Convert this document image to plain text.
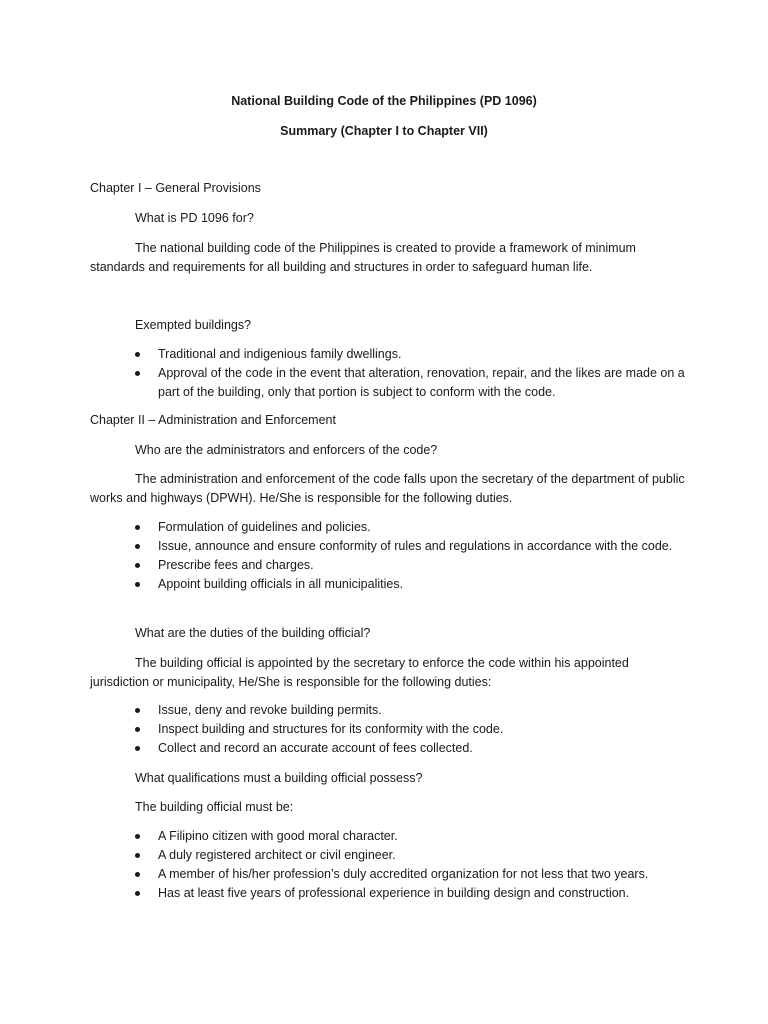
National Building Code of the Philippines (PD 1096)
Summary (Chapter I to Chapter VII)
Chapter I – General Provisions
What is PD 1096 for?
The national building code of the Philippines is created to provide a framework of minimum standards and requirements for all building and structures in order to safeguard human life.
Exempted buildings?
Traditional and indigenious family dwellings.
Approval of the code in the event that alteration, renovation, repair, and the likes are made on a part of the building, only that portion is subject to conform with the code.
Chapter II – Administration and Enforcement
Who are the administrators and enforcers of the code?
The administration and enforcement of the code falls upon the secretary of the department of public works and highways (DPWH). He/She is responsible for the following duties.
Formulation of guidelines and policies.
Issue, announce and ensure conformity of rules and regulations in accordance with the code.
Prescribe fees and charges.
Appoint building officials in all municipalities.
What are the duties of the building official?
The building official is appointed by the secretary to enforce the code within his appointed jurisdiction or municipality, He/She is responsible for the following duties:
Issue, deny and revoke building permits.
Inspect building and structures for its conformity with the code.
Collect and record an accurate account of fees collected.
What qualifications must a building official possess?
The building official must be:
A Filipino citizen with good moral character.
A duly registered architect or civil engineer.
A member of his/her profession’s duly accredited organization for not less that two years.
Has at least five years of professional experience in building design and construction.
